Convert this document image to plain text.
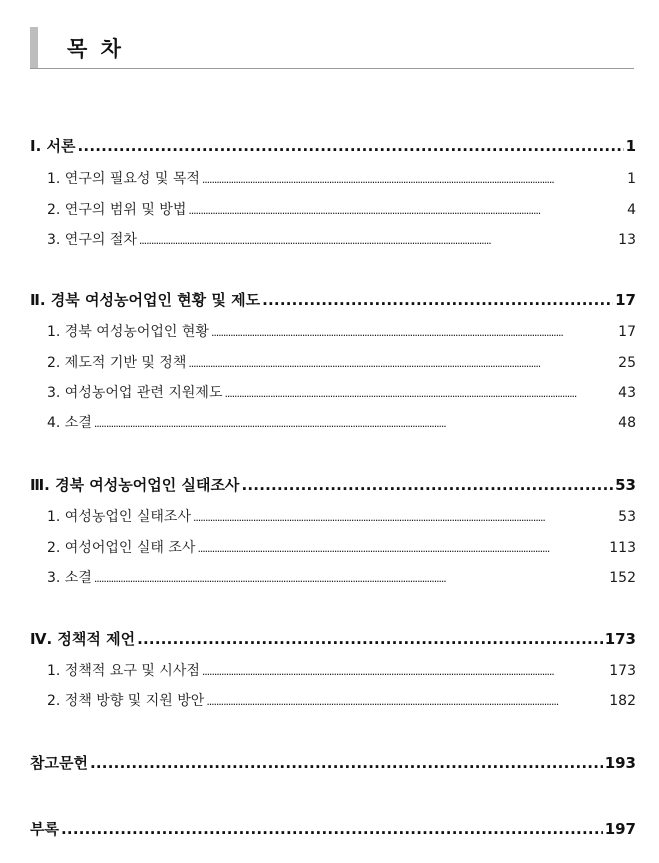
목 차
Ⅰ. 서론 . . .	1
1. 연구의 필요성 및 목적 . . .	1
2. 연구의 범위 및 방법 . . .	4
3. 연구의 절차 . . .	13
Ⅱ. 경북 여성농어업인 현황 및 제도 . . .	17
1. 경북 여성농어업인 현황 . . .	17
2. 제도적 기반 및 정책 . . .	25
3. 여성농어업 관련 지원제도 . . .	43
4. 소결 . . .	48
Ⅲ. 경북 여성농어업인 실태조사 . . .	53
1. 여성농업인 실태조사 . . .	53
2. 여성어업인 실태 조사 . . .	113
3. 소결 . . .	152
Ⅳ. 정책적 제언 . . .	173
1. 정책적 요구 및 시사점 . . .	173
2. 정책 방향 및 지원 방안 . . .	182
참고문헌 . . .	193
부록 . . .	197
